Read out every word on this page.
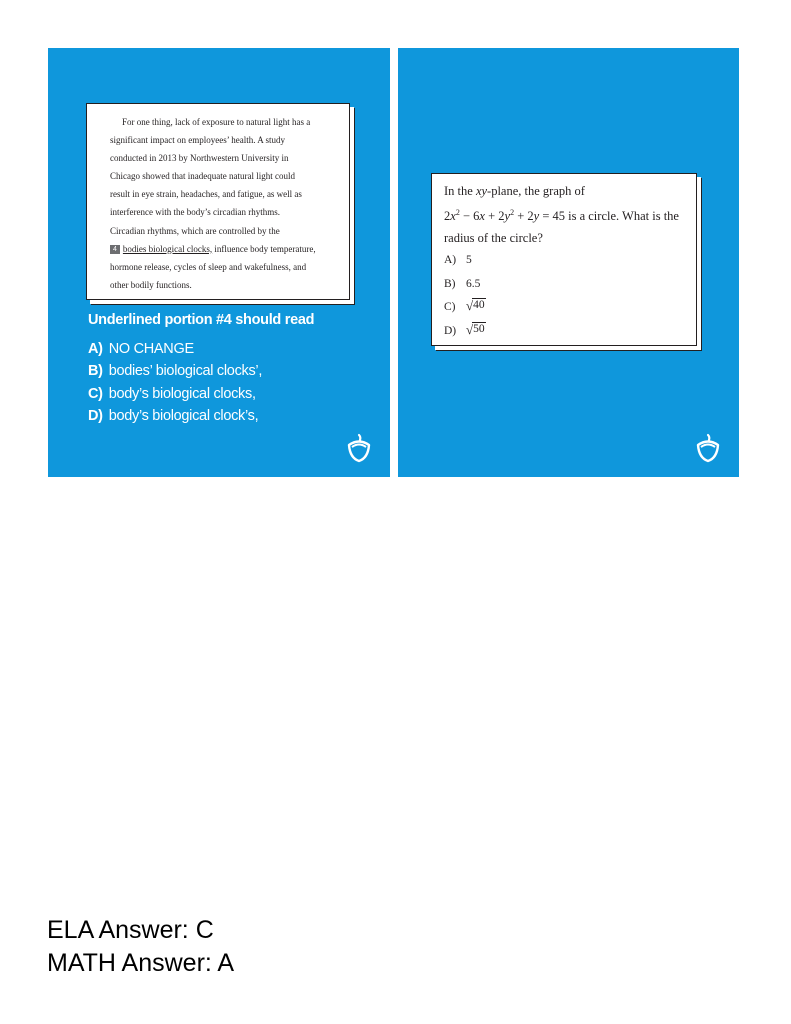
For one thing, lack of exposure to natural light has a
significant impact on employees’ health. A study
conducted in 2013 by Northwestern University in
Chicago showed that inadequate natural light could
result in eye strain, headaches, and fatigue, as well as
interference with the body’s circadian rhythms.
Circadian rhythms, which are controlled by the
4 bodies biological clocks, influence body temperature,
hormone release, cycles of sleep and wakefulness, and
other bodily functions.

Underlined portion #4 should read

A) NO CHANGE
B) bodies’ biological clocks’,
C) body’s biological clocks,
D) body’s biological clock’s,

In the xy-plane, the graph of
$2x^2 - 6x + 2y^2 + 2y = 45$ is a circle. What is the
radius of the circle?

A) 5
B) 6.5
C) √ 40
D) √ 50
ELA Answer: C
MATH Answer: A
